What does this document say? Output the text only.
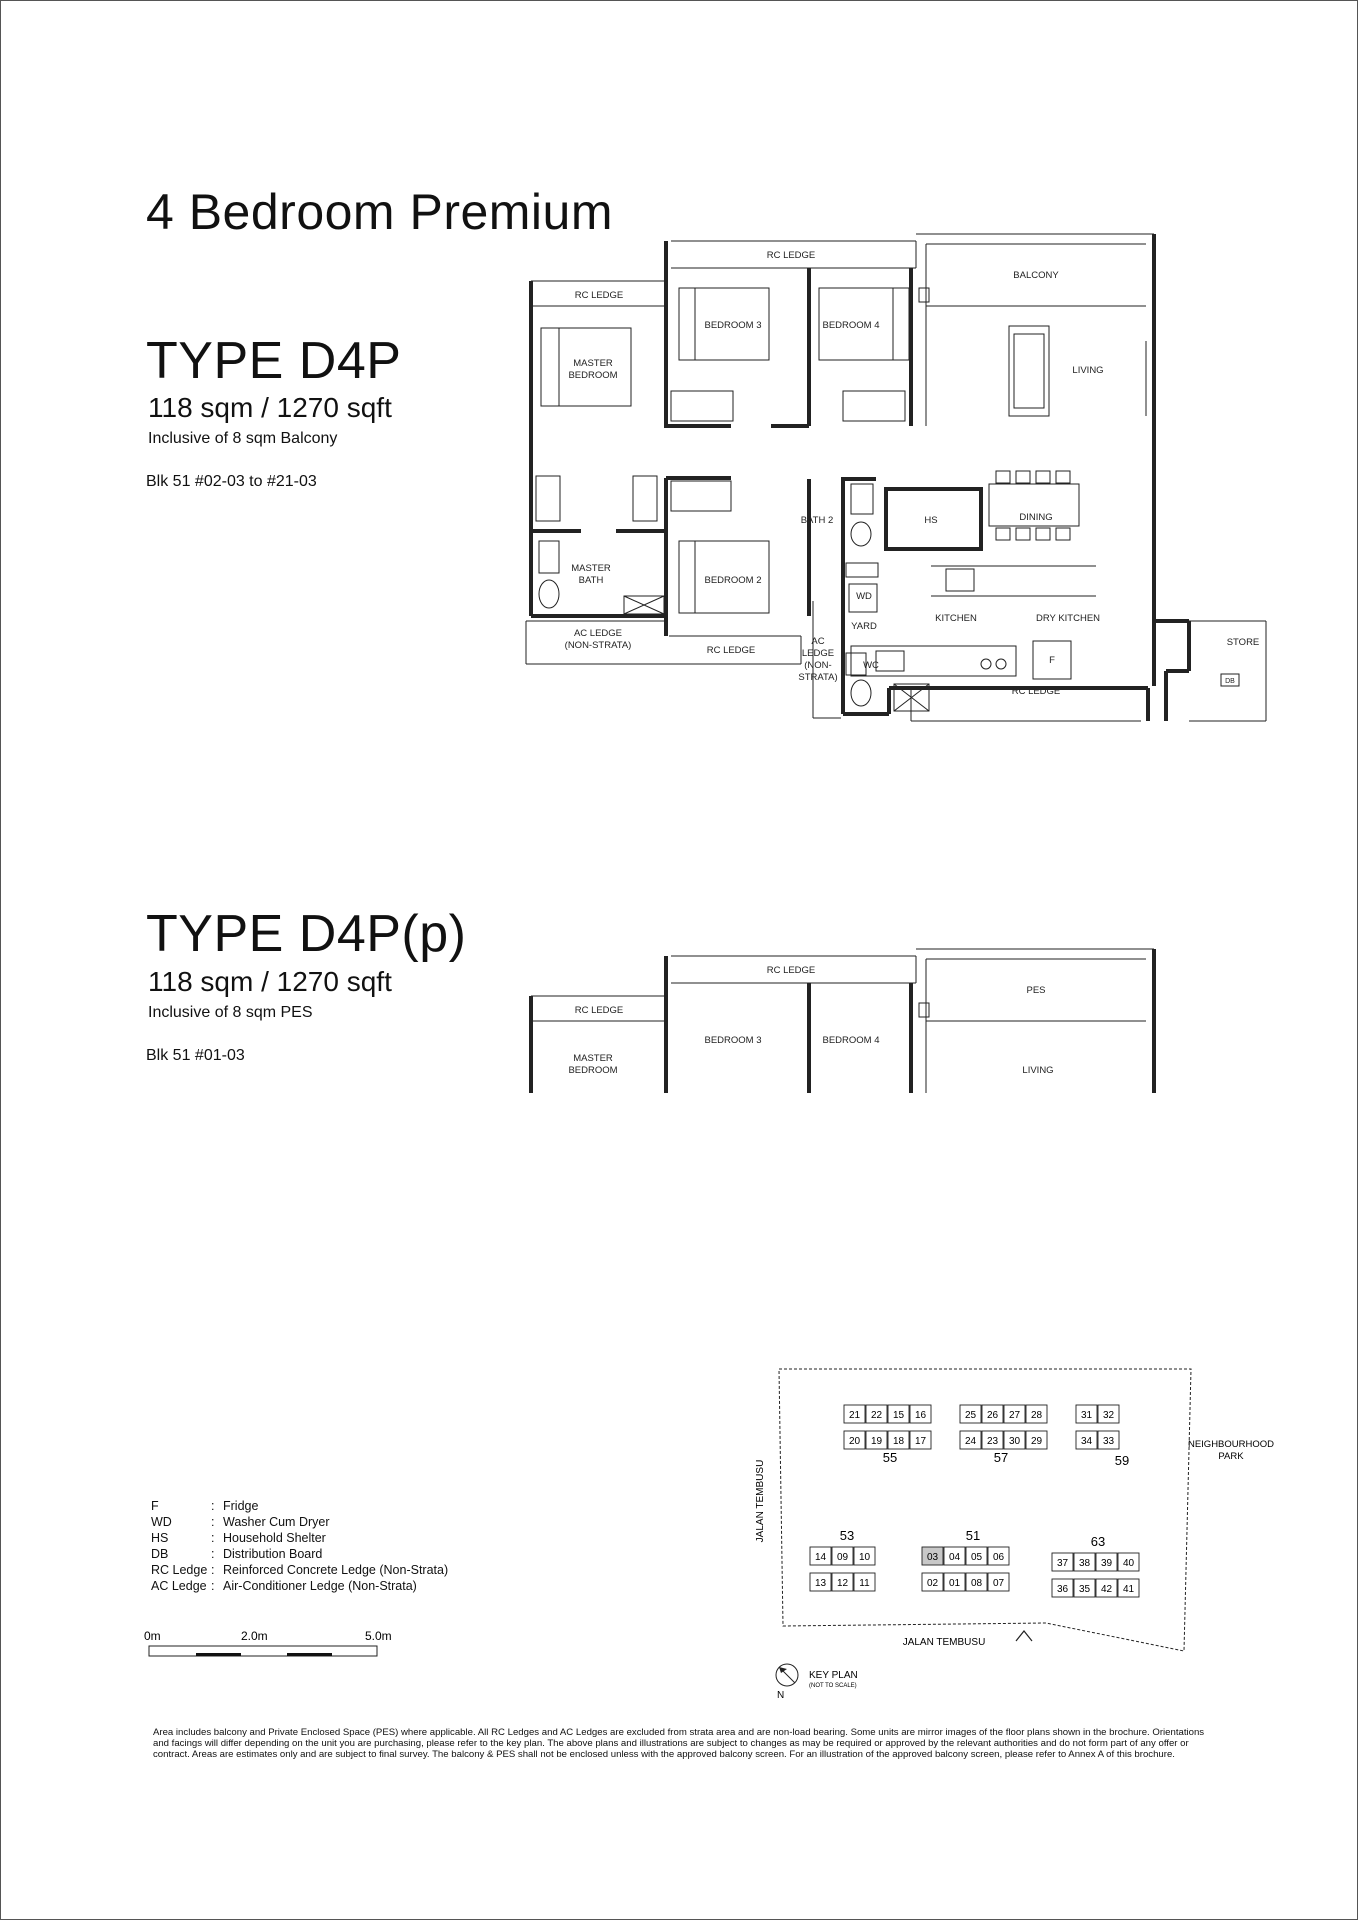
4 Bedroom Premium
TYPE D4P
118 sqm / 1270 sqft
Inclusive of 8 sqm Balcony
Blk 51 #02-03 to #21-03
TYPE D4P(p)
118 sqm / 1270 sqft
Inclusive of 8 sqm PES
Blk 51 #01-03
RC LEDGE
RC LEDGE
BALCONY
MASTER
BEDROOM
BEDROOM 3	BEDROOM 4
LIVING
BATH 2	HS	DINING
MASTER
BATH	BEDROOM 2
WD
YARD
KITCHEN	DRY KITCHEN
STORE
AC LEDGE
(NON-STRATA)	RC LEDGE
AC
LEDGE
(NON-
STRATA)
WC	F
RC LEDGE
DB
RC LEDGE
RC LEDGE
PES
BEDROOM 3	BEDROOM 4
MASTER
BEDROOM	LIVING
F	: Fridge
WD	: Washer Cum Dryer
HS	: Household Shelter
DB	: Distribution Board
RC Ledge : Reinforced Concrete Ledge (Non-Strata)
AC Ledge : Air-Conditioner Ledge (Non-Strata)
0m	2.0m	5.0m
JALAN TEMBUSU
JALAN TEMBUSU
NEIGHBOURHOOD
PARK
21 22 15 16
20 19 18 17
55
25 26 27 28
24 23 30 29
57
31 32
34 33
59
14 09 10
13 12 11
53
03 04 05 06
02 01 08 07
51
37 38 39 40
36 35 42 41
63
N
KEY PLAN
(NOT TO SCALE)
Area includes balcony and Private Enclosed Space (PES) where applicable. All RC Ledges and AC Ledges are excluded from strata area and are non-load bearing. Some units are mirror images of the floor plans shown in the brochure. Orientations and facings will differ depending on the unit you are purchasing, please refer to the key plan. The above plans and illustrations are subject to changes as may be required or approved by the relevant authorities and do not form part of any offer or contract. Areas are estimates only and are subject to final survey. The balcony & PES shall not be enclosed unless with the approved balcony screen. For an illustration of the approved balcony screen, please refer to Annex A of this brochure.
